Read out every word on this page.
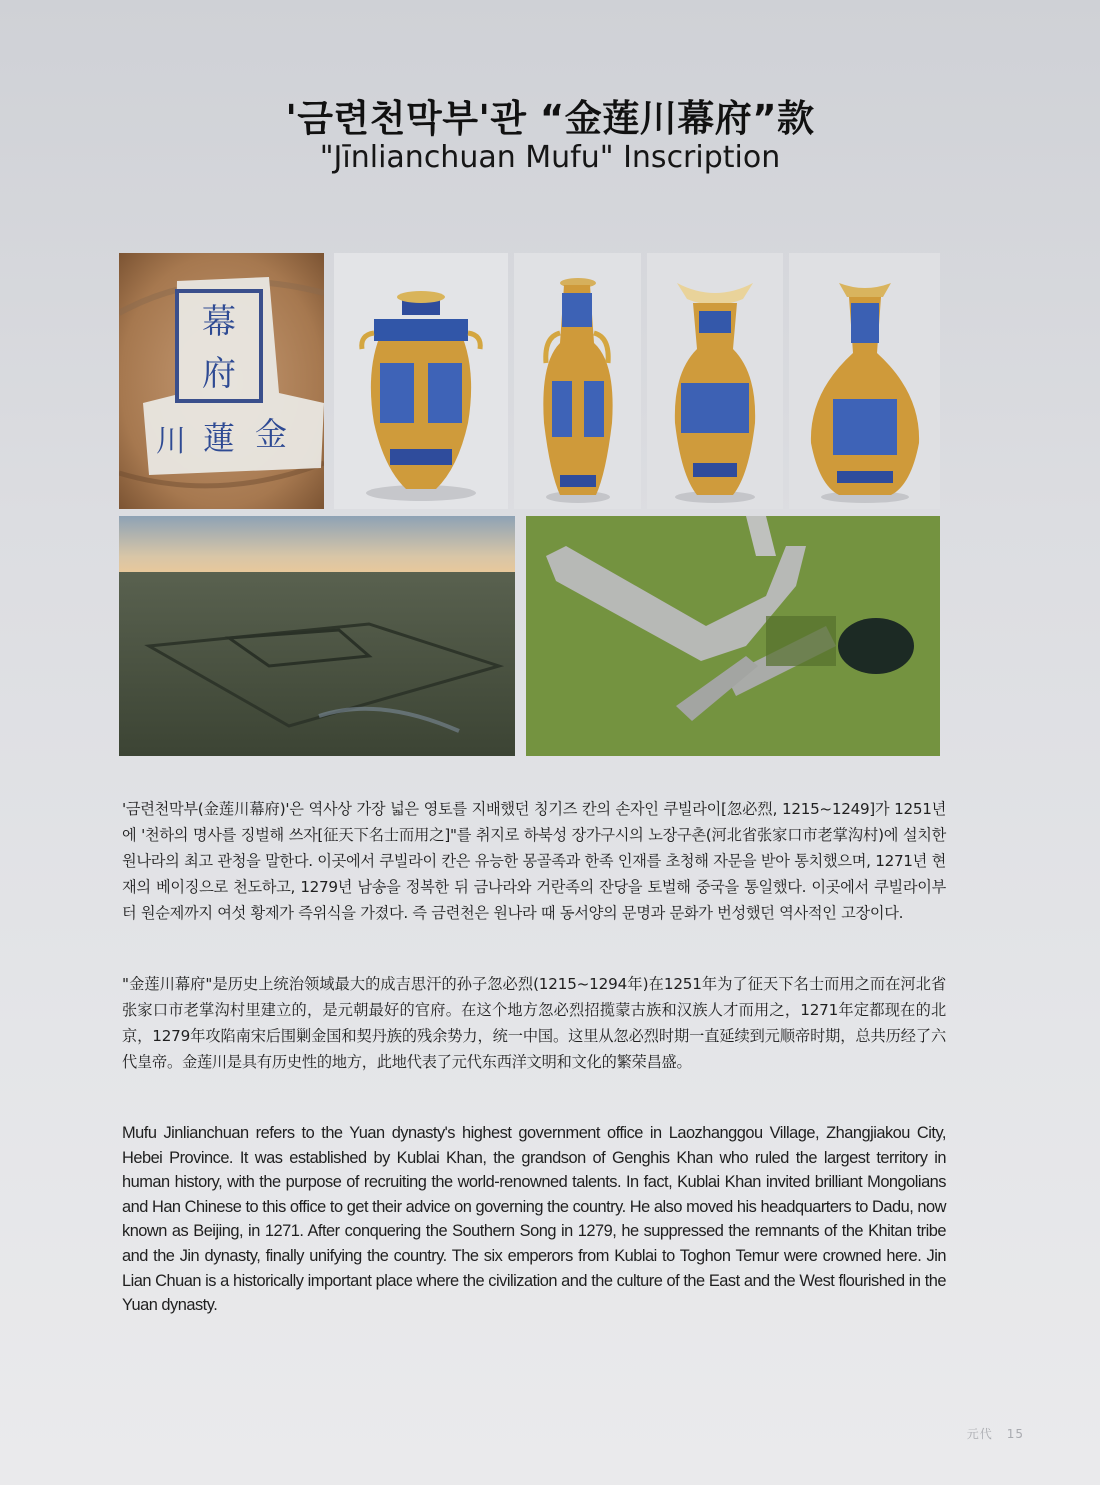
'금련천막부'관 “金莲川幕府”款
"Jīnlianchuan Mufu" Inscription
幕
府
川 蓮 金

'금련천막부(金莲川幕府)'은 역사상 가장 넓은 영토를 지배했던 칭기즈 칸의 손자인 쿠빌라이[忽必烈, 1215~1249]가 1251년에 '천하의 명사를 징벌해 쓰자[征天下名士而用之]"를 취지로 하북성 장가구시의 노장구촌(河北省张家口市老掌沟村)에 설치한 원나라의 최고 관청을 말한다. 이곳에서 쿠빌라이 칸은 유능한 몽골족과 한족 인재를 초청해 자문을 받아 통치했으며, 1271년 현재의 베이징으로 천도하고, 1279년 남송을 정복한 뒤 금나라와 거란족의 잔당을 토벌해 중국을 통일했다. 이곳에서 쿠빌라이부터 원순제까지 여섯 황제가 즉위식을 가졌다. 즉 금련천은 원나라 때 동서양의 문명과 문화가 번성했던 역사적인 고장이다.

"金莲川幕府"是历史上统治领域最大的成吉思汗的孙子忽必烈(1215~1294年)在1251年为了征天下名士而用之而在河北省张家口市老掌沟村里建立的，是元朝最好的官府。在这个地方忽必烈招揽蒙古族和汉族人才而用之，1271年定都现在的北京，1279年攻陷南宋后围剿金国和契丹族的残余势力，统一中国。这里从忽必烈时期一直延续到元顺帝时期，总共历经了六代皇帝。金莲川是具有历史性的地方，此地代表了元代东西洋文明和文化的繁荣昌盛。

Mufu Jinlianchuan refers to the Yuan dynasty's highest government office in Laozhanggou Village, Zhangjiakou City, Hebei Province. It was established by Kublai Khan, the grandson of Genghis Khan who ruled the largest territory in human history, with the purpose of recruiting the world-renowned talents. In fact, Kublai Khan invited brilliant Mongolians and Han Chinese to this office to get their advice on governing the country. He also moved his headquarters to Dadu, now known as Beijing, in 1271. After conquering the Southern Song in 1279, he suppressed the remnants of the Khitan tribe and the Jin dynasty, finally unifying the country. The six emperors from Kublai to Toghon Temur were crowned here. Jin Lian Chuan is a historically important place where the civilization and the culture of the East and the West flourished in the Yuan dynasty.

元代 15
